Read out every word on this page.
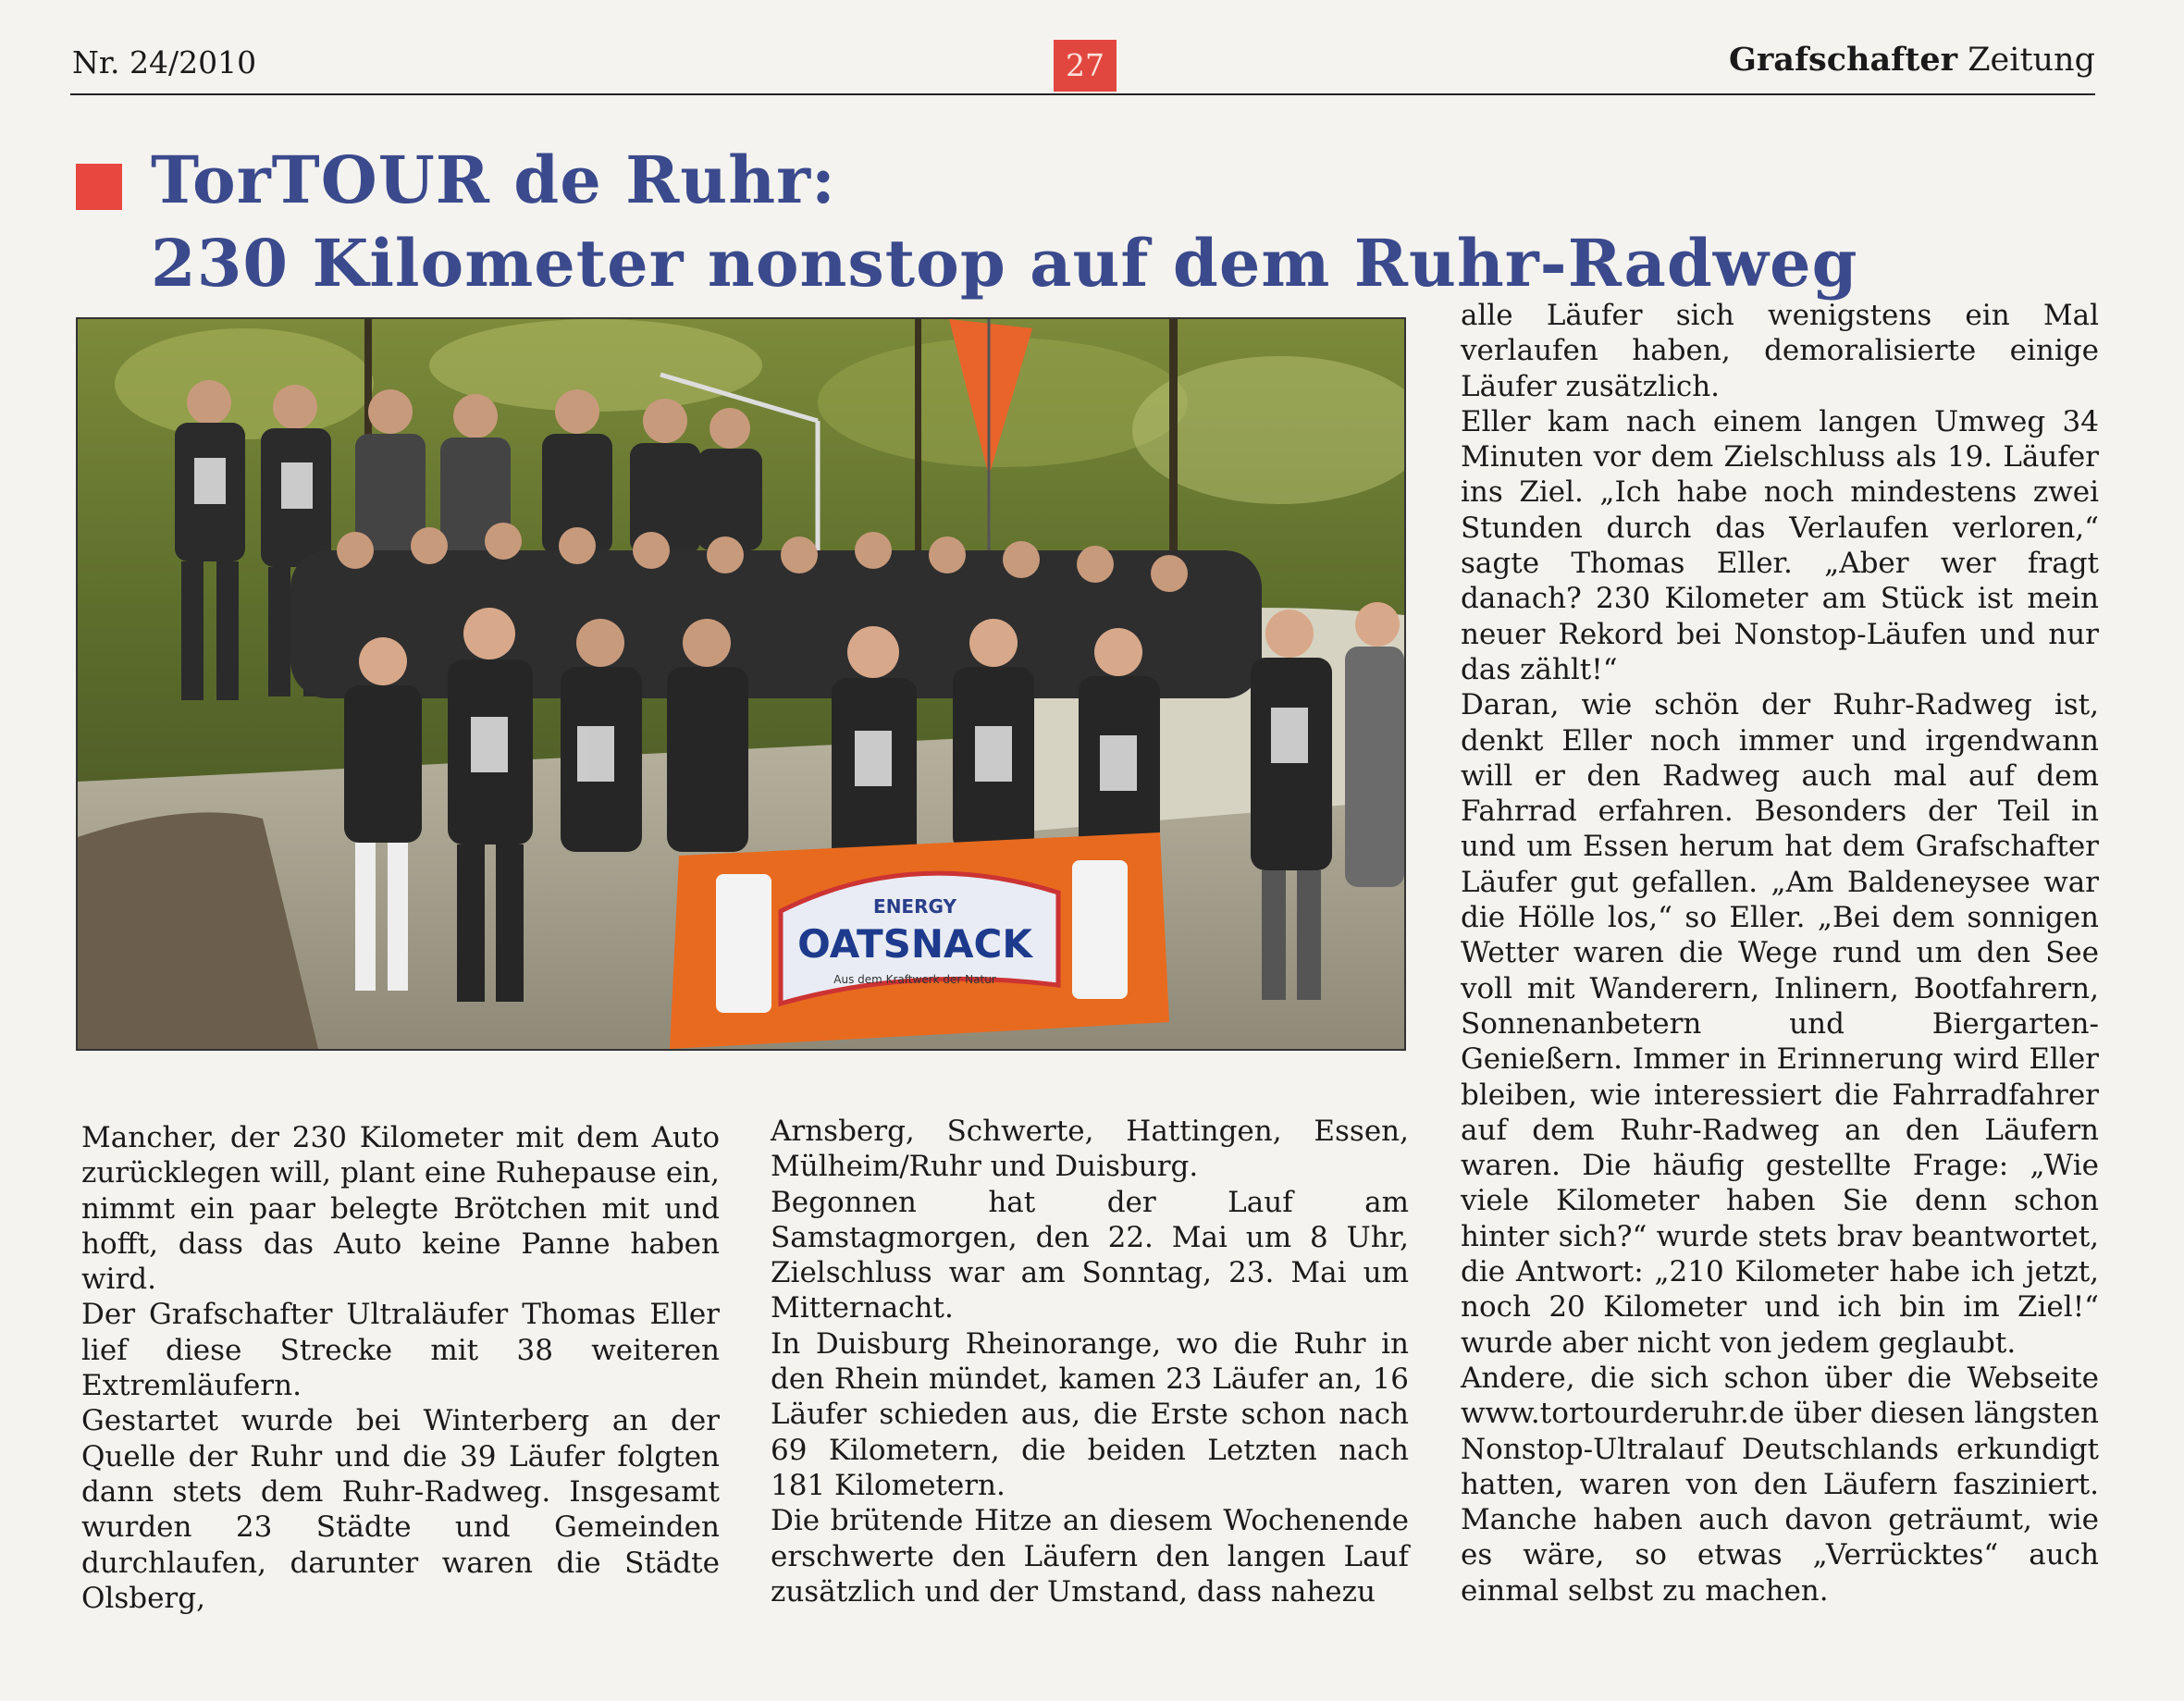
Nr. 24/2010	27	Grafschafter Zeitung
TorTOUR de Ruhr:
230 Kilometer nonstop auf dem Ruhr-Radweg
ENERGY
OATSNACK
Aus dem Kraftwerk der Natur

Mancher, der 230 Kilometer mit dem Auto zurücklegen will, plant eine Ruhepause ein, nimmt ein paar belegte Brötchen mit und hofft, dass das Auto keine Panne haben wird.

Der Grafschafter Ultraläufer Thomas Eller lief diese Strecke mit 38 weiteren Extremläufern.

Gestartet wurde bei Winterberg an der Quelle der Ruhr und die 39 Läufer folgten dann stets dem Ruhr-Radweg. Insgesamt wurden 23 Städte und Gemeinden durchlaufen, darunter waren die Städte Olsberg,

Arnsberg, Schwerte, Hattingen, Essen, Mülheim/Ruhr und Duisburg.

Begonnen hat der Lauf am Samstagmorgen, den 22. Mai um 8 Uhr, Zielschluss war am Sonntag, 23. Mai um Mitternacht.

In Duisburg Rheinorange, wo die Ruhr in den Rhein mündet, kamen 23 Läufer an, 16 Läufer schieden aus, die Erste schon nach 69 Kilometern, die beiden Letzten nach 181 Kilometern.

Die brütende Hitze an diesem Wochenende erschwerte den Läufern den langen Lauf zusätzlich und der Umstand, dass nahezu

alle Läufer sich wenigstens ein Mal verlaufen haben, demoralisierte einige Läufer zusätzlich.

Eller kam nach einem langen Umweg 34 Minuten vor dem Zielschluss als 19. Läufer ins Ziel. „Ich habe noch mindestens zwei Stunden durch das Verlaufen verloren,“ sagte Thomas Eller. „Aber wer fragt danach? 230 Kilometer am Stück ist mein neuer Rekord bei Nonstop-Läufen und nur das zählt!“

Daran, wie schön der Ruhr-Radweg ist, denkt Eller noch immer und irgendwann will er den Radweg auch mal auf dem Fahrrad erfahren. Besonders der Teil in und um Essen herum hat dem Grafschafter Läufer gut gefallen. „Am Baldeneysee war die Hölle los,“ so Eller. „Bei dem sonnigen Wetter waren die Wege rund um den See voll mit Wanderern, Inlinern, Bootfahrern, Sonnenanbetern und Biergarten-Genießern. Immer in Erinnerung wird Eller bleiben, wie interessiert die Fahrradfahrer auf dem Ruhr-Radweg an den Läufern waren. Die häufig gestellte Frage: „Wie viele Kilometer haben Sie denn schon hinter sich?“ wurde stets brav beantwortet, die Antwort: „210 Kilometer habe ich jetzt, noch 20 Kilometer und ich bin im Ziel!“ wurde aber nicht von jedem geglaubt.

Andere, die sich schon über die Webseite www.tortourderuhr.de über diesen längsten Nonstop-Ultralauf Deutschlands erkundigt hatten, waren von den Läufern fasziniert. Manche haben auch davon geträumt, wie es wäre, so etwas „Verrücktes“ auch einmal selbst zu machen.
